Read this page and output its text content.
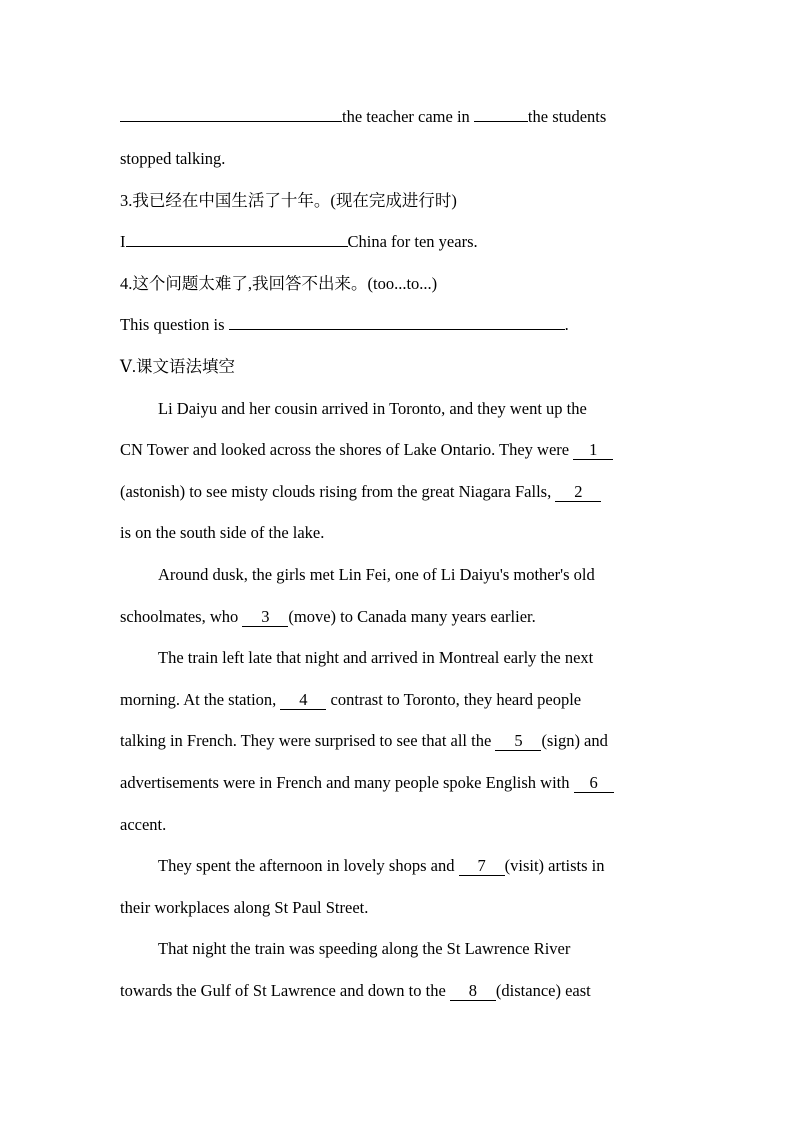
the teacher came in	the students
stopped talking.
3.我已经在中国生活了十年。(现在完成进行时)
I	China for ten years.
4.这个问题太难了,我回答不出来。(too...to...)
This question is	.
Ⅴ.课文语法填空
Li Daiyu and her cousin arrived in Toronto, and they went up the
CN Tower and looked across the shores of Lake Ontario. They were 1
(astonish) to see misty clouds rising from the great Niagara Falls, 2
is on the south side of the lake.
Around dusk, the girls met Lin Fei, one of Li Daiyu's mother's old
schoolmates, who 3 (move) to Canada many years earlier.
The train left late that night and arrived in Montreal early the next
morning. At the station, 4 contrast to Toronto, they heard people
talking in French. They were surprised to see that all the 5 (sign) and
advertisements were in French and many people spoke English with 6
accent.
They spent the afternoon in lovely shops and 7 (visit) artists in
their workplaces along St Paul Street.
That night the train was speeding along the St Lawrence River
towards the Gulf of St Lawrence and down to the 8 (distance) east
